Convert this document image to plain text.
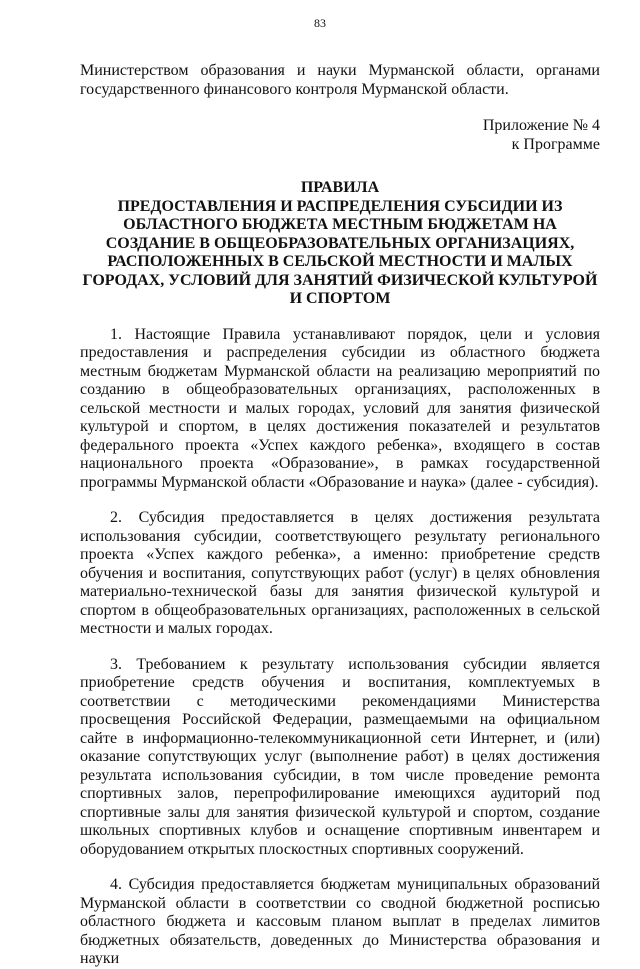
83

Министерством образования и науки Мурманской области, органами государственного финансового контроля Мурманской области.

Приложение № 4
к Программе

ПРАВИЛА

ПРЕДОСТАВЛЕНИЯ И РАСПРЕДЕЛЕНИЯ СУБСИДИИ ИЗ ОБЛАСТНОГО БЮДЖЕТА МЕСТНЫМ БЮДЖЕТАМ НА СОЗДАНИЕ В ОБЩЕОБРАЗОВАТЕЛЬНЫХ ОРГАНИЗАЦИЯХ, РАСПОЛОЖЕННЫХ В СЕЛЬСКОЙ МЕСТНОСТИ И МАЛЫХ ГОРОДАХ, УСЛОВИЙ ДЛЯ ЗАНЯТИЙ ФИЗИЧЕСКОЙ КУЛЬТУРОЙ И СПОРТОМ

1. Настоящие Правила устанавливают порядок, цели и условия предоставления и распределения субсидии из областного бюджета местным бюджетам Мурманской области на реализацию мероприятий по созданию в общеобразовательных организациях, расположенных в сельской местности и малых городах, условий для занятия физической культурой и спортом, в целях достижения показателей и результатов федерального проекта «Успех каждого ребенка», входящего в состав национального проекта «Образование», в рамках государственной программы Мурманской области «Образование и наука» (далее - субсидия).

2. Субсидия предоставляется в целях достижения результата использования субсидии, соответствующего результату регионального проекта «Успех каждого ребенка», а именно: приобретение средств обучения и воспитания, сопутствующих работ (услуг) в целях обновления материально-технической базы для занятия физической культурой и спортом в общеобразовательных организациях, расположенных в сельской местности и малых городах.

3. Требованием к результату использования субсидии является приобретение средств обучения и воспитания, комплектуемых в соответствии с методическими рекомендациями Министерства просвещения Российской Федерации, размещаемыми на официальном сайте в информационно-телекоммуникационной сети Интернет, и (или) оказание сопутствующих услуг (выполнение работ) в целях достижения результата использования субсидии, в том числе проведение ремонта спортивных залов, перепрофилирование имеющихся аудиторий под спортивные залы для занятия физической культурой и спортом, создание школьных спортивных клубов и оснащение спортивным инвентарем и оборудованием открытых плоскостных спортивных сооружений.

4. Субсидия предоставляется бюджетам муниципальных образований Мурманской области в соответствии со сводной бюджетной росписью областного бюджета и кассовым планом выплат в пределах лимитов бюджетных обязательств, доведенных до Министерства образования и науки
